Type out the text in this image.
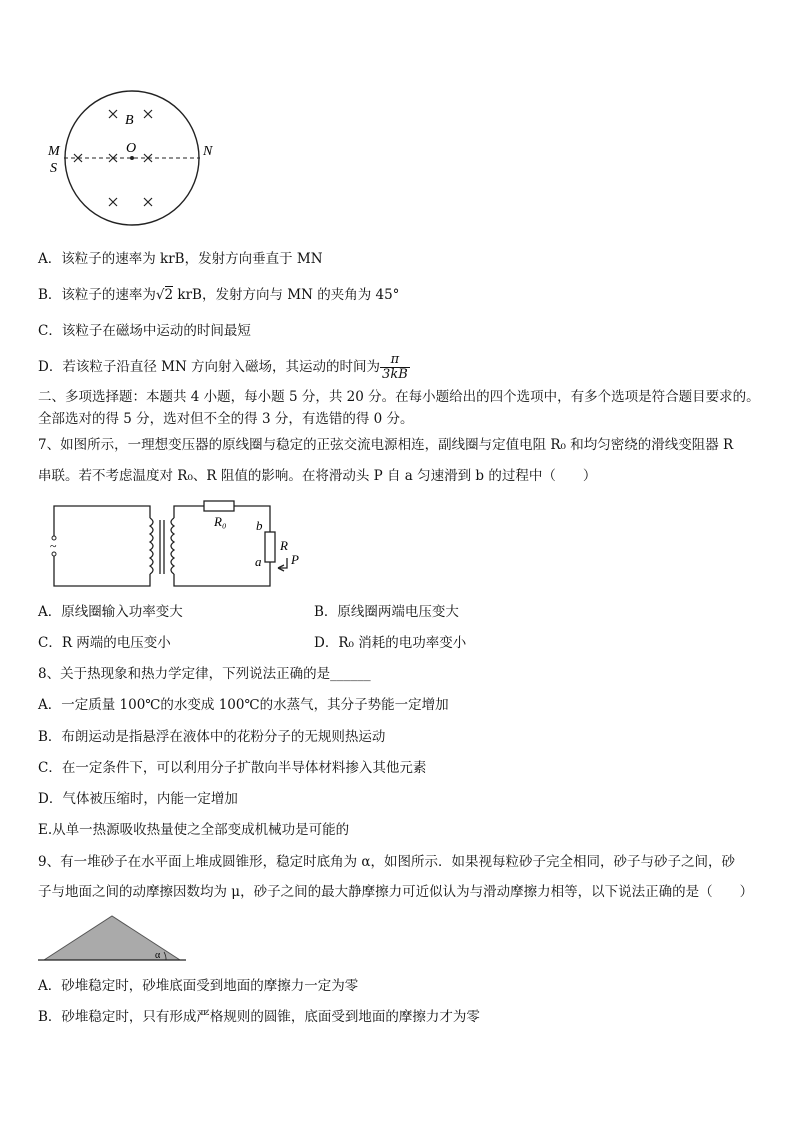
B
O
M
S
N
A．该粒子的速率为 krB，发射方向垂直于 MN
B．该粒子的速率为√2 krB，发射方向与 MN 的夹角为 45°
C．该粒子在磁场中运动的时间最短
D．若该粒子沿直径 MN 方向射入磁场，其运动的时间为 $\frac{\pi}{3kB}$
二、多项选择题：本题共 4 小题，每小题 5 分，共 20 分。在每小题给出的四个选项中，有多个选项是符合题目要求的。
全部选对的得 5 分，选对但不全的得 3 分，有选错的得 0 分。
7、如图所示，一理想变压器的原线圈与稳定的正弦交流电源相连，副线圈与定值电阻 R₀ 和均匀密绕的滑线变阻器 R
串联。若不考虑温度对 R₀、R 阻值的影响。在将滑动头 P 自 a 匀速滑到 b 的过程中（　　）
~
R₀ b
R
a P
A．原线圈输入功率变大	B．原线圈两端电压变大
C．R 两端的电压变小	D．R₀ 消耗的电功率变小
8、关于热现象和热力学定律，下列说法正确的是______
A．一定质量 100℃的水变成 100℃的水蒸气，其分子势能一定增加
B．布朗运动是指悬浮在液体中的花粉分子的无规则热运动
C．在一定条件下，可以利用分子扩散向半导体材料掺入其他元素
D．气体被压缩时，内能一定增加
E.从单一热源吸收热量使之全部变成机械功是可能的
9、有一堆砂子在水平面上堆成圆锥形，稳定时底角为 α，如图所示．如果视每粒砂子完全相同，砂子与砂子之间，砂
子与地面之间的动摩擦因数均为 μ，砂子之间的最大静摩擦力可近似认为与滑动摩擦力相等，以下说法正确的是（　　）
α
A．砂堆稳定时，砂堆底面受到地面的摩擦力一定为零
B．砂堆稳定时，只有形成严格规则的圆锥，底面受到地面的摩擦力才为零
